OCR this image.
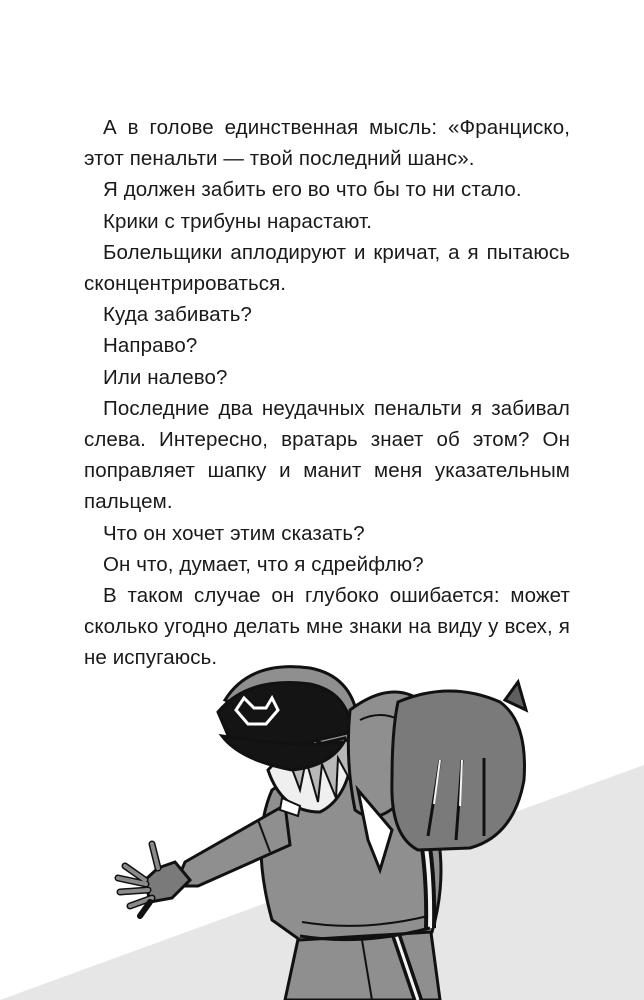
А в голове единственная мысль: «Франциско, этот пенальти — твой последний шанс».

Я должен забить его во что бы то ни стало.

Крики с трибуны нарастают.

Болельщики аплодируют и кричат, а я пытаюсь сконцентрироваться.

Куда забивать?

Направо?

Или налево?

Последние два неудачных пенальти я забивал слева. Интересно, вратарь знает об этом? Он поправляет шапку и манит меня указательным пальцем.

Что он хочет этим сказать?

Он что, думает, что я сдрейфлю?

В таком случае он глубоко ошибается: может сколько угодно делать мне знаки на виду у всех, я не испугаюсь.
